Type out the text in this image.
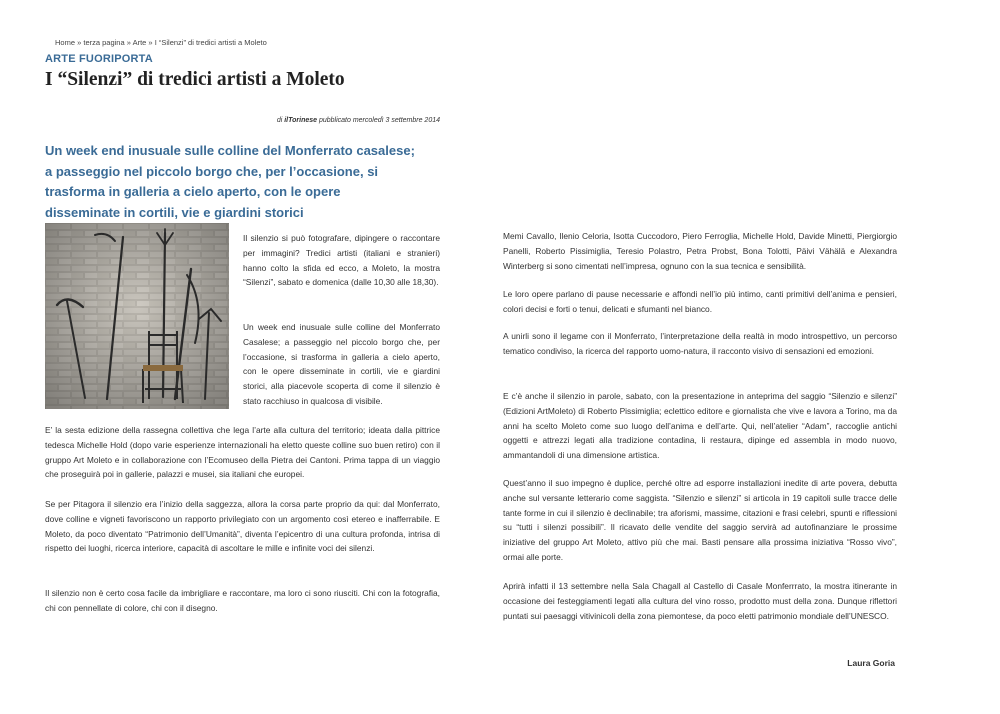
Home » terza pagina » Arte » I “Silenzi” di tredici artisti a Moleto
ARTE FUORIPORTA
I “Silenzi” di tredici artisti a Moleto
di ilTorinese pubblicato mercoledì 3 settembre 2014

Un week end inusuale sulle colline del Monferrato casalese; a passeggio nel piccolo borgo che, per l’occasione, si trasforma in galleria a cielo aperto, con le opere disseminate in cortili, vie e giardini storici

Il silenzio si può fotografare, dipingere o raccontare per immagini? Tredici artisti (italiani e stranieri) hanno colto la sfida ed ecco, a Moleto, la mostra “Silenzi”, sabato e domenica (dalle 10,30 alle 18,30).

Un week end inusuale sulle colline del Monferrato Casalese; a passeggio nel piccolo borgo che, per l’occasione, si trasforma in galleria a cielo aperto, con le opere disseminate in cortili, vie e giardini storici, alla piacevole scoperta di come il silenzio è stato racchiuso in qualcosa di visibile.

E’ la sesta edizione della rassegna collettiva che lega l’arte alla cultura del territorio; ideata dalla pittrice tedesca Michelle Hold (dopo varie esperienze internazionali ha eletto queste colline suo buen retiro) con il gruppo Art Moleto e in collaborazione con l’Ecomuseo della Pietra dei Cantoni. Prima tappa di un viaggio che proseguirà poi in gallerie, palazzi e musei, sia italiani che europei.

Se per Pitagora il silenzio era l’inizio della saggezza, allora la corsa parte proprio da qui: dal Monferrato, dove colline e vigneti favoriscono un rapporto privilegiato con un argomento così etereo e inafferrabile. E Moleto, da poco diventato “Patrimonio dell’Umanità”, diventa l’epicentro di una cultura profonda, intrisa di rispetto dei luoghi, ricerca interiore, capacità di ascoltare le mille e infinite voci dei silenzi.

Il silenzio non è certo cosa facile da imbrigliare e raccontare, ma loro ci sono riusciti. Chi con la fotografia, chi con pennellate di colore, chi con il disegno.

Memi Cavallo, Ilenio Celoria, Isotta Cuccodoro, Piero Ferroglia, Michelle Hold, Davide Minetti, Piergiorgio Panelli, Roberto Pissimiglia, Teresio Polastro, Petra Probst, Bona Tolotti, Päivi Vähälä e Alexandra Winterberg si sono cimentati nell’impresa, ognuno con la sua tecnica e sensibilità.

Le loro opere parlano di pause necessarie e affondi nell’io più intimo, canti primitivi dell’anima e pensieri, colori decisi e forti o tenui, delicati e sfumanti nel bianco.

A unirli sono il legame con il Monferrato, l’interpretazione della realtà in modo introspettivo, un percorso tematico condiviso, la ricerca del rapporto uomo-natura, il racconto visivo di sensazioni ed emozioni.

E c’è anche il silenzio in parole, sabato, con la presentazione in anteprima del saggio “Silenzio e silenzi” (Edizioni ArtMoleto) di Roberto Pissimiglia; eclettico editore e giornalista che vive e lavora a Torino, ma da anni ha scelto Moleto come suo luogo dell’anima e dell’arte. Qui, nell’atelier “Adam”, raccoglie antichi oggetti e attrezzi legati alla tradizione contadina, li restaura, dipinge ed assembla in modo nuovo, ammantandoli di una dimensione artistica.

Quest’anno il suo impegno è duplice, perché oltre ad esporre installazioni inedite di arte povera, debutta anche sul versante letterario come saggista. “Silenzio e silenzi” si articola in 19 capitoli sulle tracce delle tante forme in cui il silenzio è declinabile; tra aforismi, massime, citazioni e frasi celebri, spunti e riflessioni su “tutti i silenzi possibili”. Il ricavato delle vendite del saggio servirà ad autofinanziare le prossime iniziative del gruppo Art Moleto, attivo più che mai. Basti pensare alla prossima iniziativa “Rosso vivo”, ormai alle porte.

Aprirà infatti il 13 settembre nella Sala Chagall al Castello di Casale Monferrrato, la mostra itinerante in occasione dei festeggiamenti legati alla cultura del vino rosso, prodotto must della zona. Dunque riflettori puntati sui paesaggi vitivinicoli della zona piemontese, da poco eletti patrimonio mondiale dell’UNESCO.

Laura Goria
